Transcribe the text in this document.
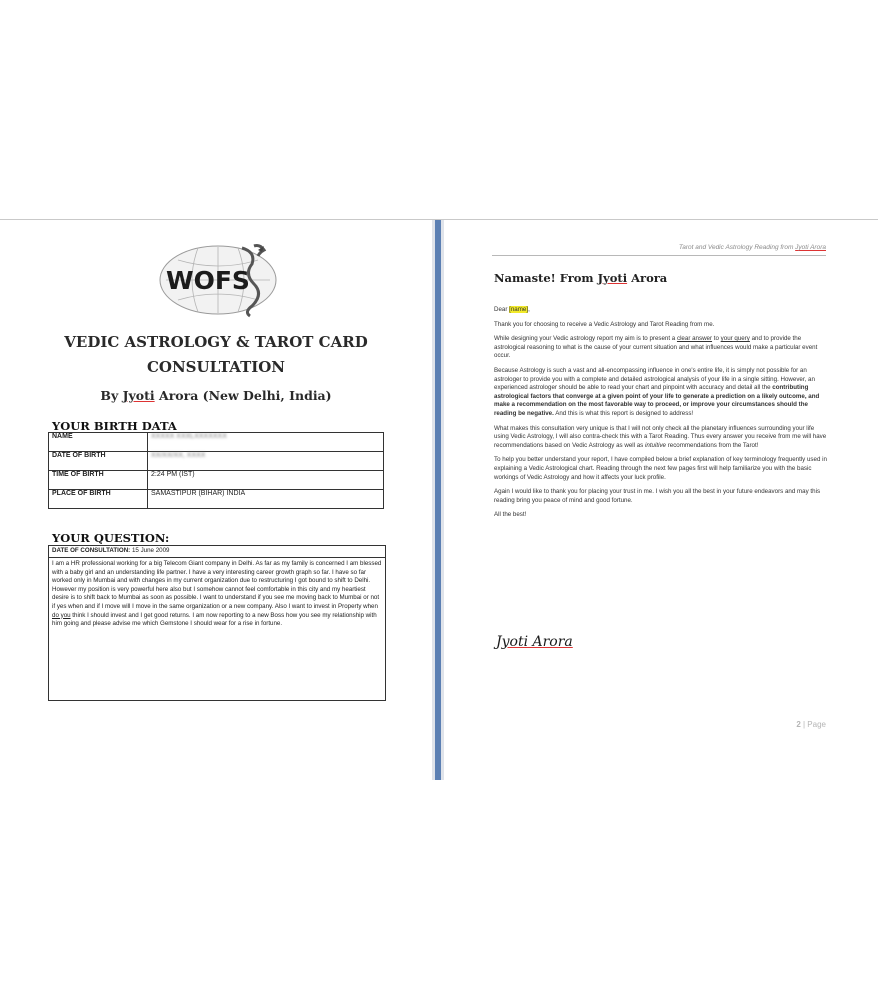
WOFS
VEDIC ASTROLOGY & TAROT CARD
CONSULTATION
By Jyoti Arora (New Delhi, India)
YOUR BIRTH DATA
NAME	XXXXX XXXLXXXXXXX
DATE OF BIRTH	XX/XX/XX, XXXX
TIME OF BIRTH	2:24 PM (IST)
PLACE OF BIRTH	SAMASTIPUR (BIHAR) INDIA
YOUR QUESTION:
DATE OF CONSULTATION: 15 June 2009
I am a HR professional working for a big Telecom Giant company in Delhi. As far as my family is concerned I am blessed with a baby girl and an understanding life partner. I have a very interesting career growth graph so far. I have so far worked only in Mumbai and with changes in my current organization due to restructuring I got bound to shift to Delhi. However my position is very powerful here also but I somehow cannot feel comfortable in this city and my heartiest desire is to shift back to Mumbai as soon as possible. I want to understand if you see me moving back to Mumbai or not if yes when and if I move will I move in the same organization or a new company. Also I want to invest in Property when do you think I should invest and I get good returns. I am now reporting to a new Boss how you see my relationship with him going and please advise me which Gemstone I should wear for a rise in fortune.
Tarot and Vedic Astrology Reading from Jyoti Arora
Namaste! From Jyoti Arora

Dear [name],

Thank you for choosing to receive a Vedic Astrology and Tarot Reading from me.

While designing your Vedic astrology report my aim is to present a clear answer to your query and to provide the astrological reasoning to what is the cause of your current situation and what influences would make a particular event occur.

Because Astrology is such a vast and all-encompassing influence in one's entire life, it is simply not possible for an astrologer to provide you with a complete and detailed astrological analysis of your life in a single sitting. However, an experienced astrologer should be able to read your chart and pinpoint with accuracy and detail all the contributing astrological factors that converge at a given point of your life to generate a prediction on a likely outcome, and make a recommendation on the most favorable way to proceed, or improve your circumstances should the reading be negative. And this is what this report is designed to address!

What makes this consultation very unique is that I will not only check all the planetary influences surrounding your life using Vedic Astrology, I will also contra-check this with a Tarot Reading. Thus every answer you receive from me will have recommendations based on Vedic Astrology as well as intuitive recommendations from the Tarot!

To help you better understand your report, I have compiled below a brief explanation of key terminology frequently used in explaining a Vedic Astrological chart. Reading through the next few pages first will help familiarize you with the basic workings of Vedic Astrology and how it affects your luck profile.

Again I would like to thank you for placing your trust in me. I wish you all the best in your future endeavors and may this reading bring you peace of mind and good fortune.

All the best!

Jyoti Arora
2 | Page
